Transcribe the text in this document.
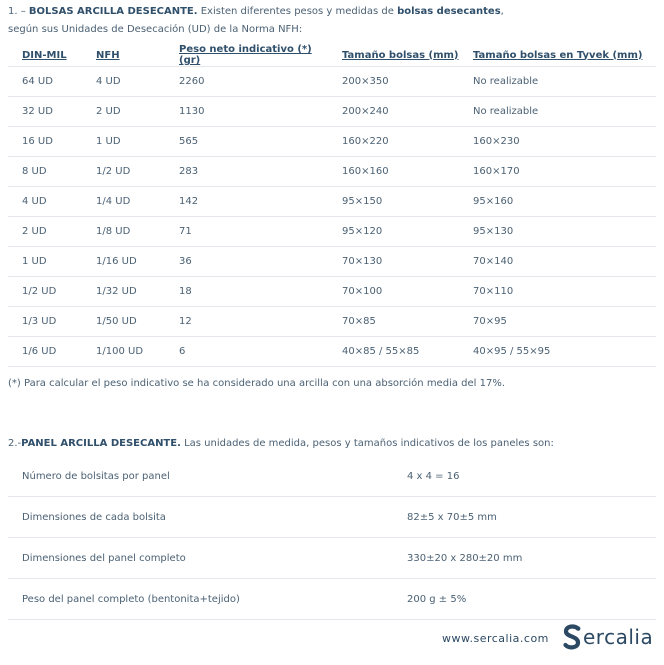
1. – BOLSAS ARCILLA DESECANTE. Existen diferentes pesos y medidas de bolsas desecantes,
según sus Unidades de Desecación (UD) de la Norma NFH:
DIN-MIL	NFH	Peso neto indicativo (*) (gr)	Tamaño bolsas (mm)	Tamaño bolsas en Tyvek (mm)
64 UD	4 UD	2260	200×350	No realizable
32 UD	2 UD	1130	200×240	No realizable
16 UD	1 UD	565	160×220	160×230
8 UD	1/2 UD	283	160×160	160×170
4 UD	1/4 UD	142	95×150	95×160
2 UD	1/8 UD	71	95×120	95×130
1 UD	1/16 UD	36	70×130	70×140
1/2 UD	1/32 UD	18	70×100	70×110
1/3 UD	1/50 UD	12	70×85	70×95
1/6 UD	1/100 UD	6	40×85 / 55×85	40×95 / 55×95
(*) Para calcular el peso indicativo se ha considerado una arcilla con una absorción media del 17%.
2.-PANEL ARCILLA DESECANTE. Las unidades de medida, pesos y tamaños indicativos de los paneles son:
Número de bolsitas por panel	4 x 4 = 16
Dimensiones de cada bolsita	82±5 x 70±5 mm
Dimensiones del panel completo	330±20 x 280±20 mm
Peso del panel completo (bentonita+tejido)	200 g ± 5%
www.sercalia.com ercalia
